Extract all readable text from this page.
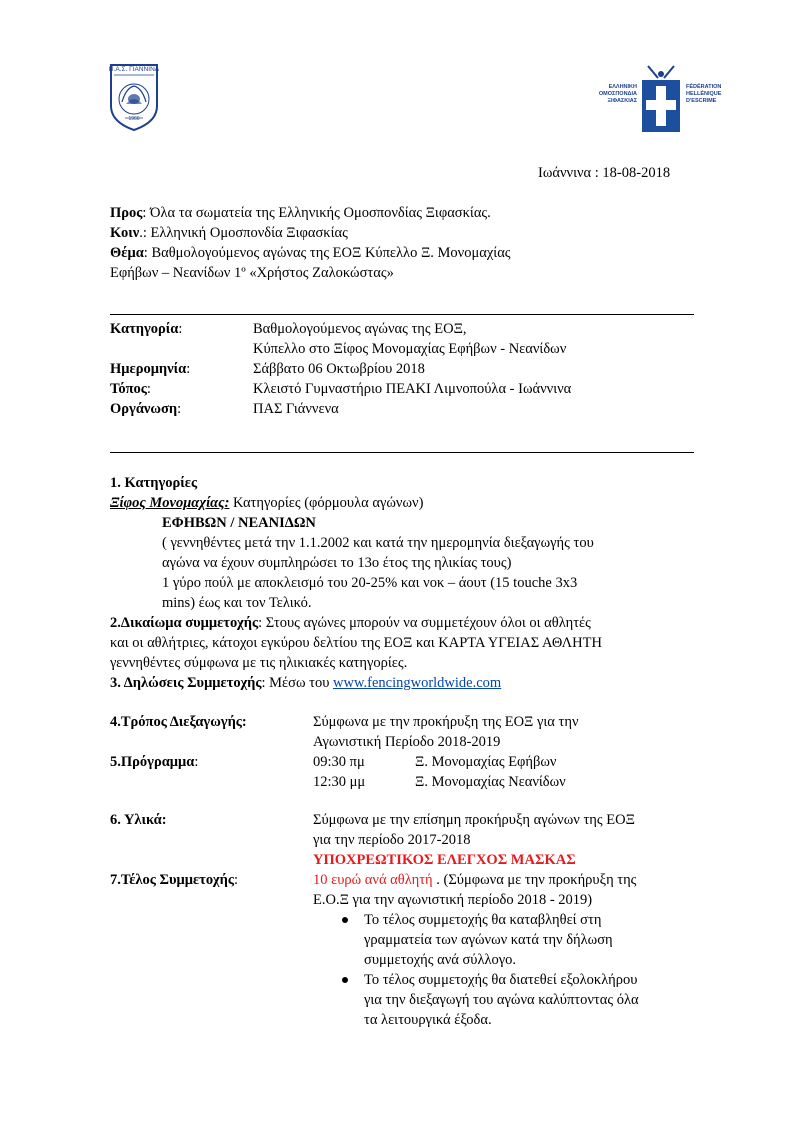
Π.Α.Σ. ΓΙΑΝΝΙΝΑ
1966
ΕΛΛΗΝΙΚΗ
ΟΜΟΣΠΟΝΔΙΑ
ΞΙΦΑΣΚΙΑΣ
FÉDÉRATION
HELLÉNIQUE
D'ESCRIME
Ιωάννινα : 18-08-2018
Προς: Όλα τα σωματεία της Ελληνικής Ομοσπονδίας Ξιφασκίας.
Κοιν.: Ελληνική Ομοσπονδία Ξιφασκίας
Θέμα: Βαθμολογούμενος αγώνας της ΕΟΞ Κύπελλο Ξ. Μονομαχίας
Εφήβων – Νεανίδων 1º «Χρήστος Ζαλοκώστας»
Κατηγορία:	Βαθμολογούμενος αγώνας της ΕΟΞ,
Κύπελλο στο Ξίφος Μονομαχίας Εφήβων - Νεανίδων
Ημερομηνία:	Σάββατο 06 Οκτωβρίου 2018
Τόπος:	Κλειστό Γυμναστήριο ΠΕΑΚΙ Λιμνοπούλα - Ιωάννινα
Οργάνωση:	ΠΑΣ Γιάννενα
1. Κατηγορίες
Ξίφος Μονομαχίας: Κατηγορίες (φόρμουλα αγώνων)
ΕΦΗΒΩΝ / ΝΕΑΝΙΔΩΝ
( γεννηθέντες μετά την 1.1.2002 και κατά την ημερομηνία διεξαγωγής του
αγώνα να έχουν συμπληρώσει το 13ο έτος της ηλικίας τους)
1 γύρο πούλ με αποκλεισμό του 20-25% και νοκ – άουτ (15 touche 3x3
mins) έως και τον Τελικό.
2.Δικαίωμα συμμετοχής: Στους αγώνες μπορούν να συμμετέχουν όλοι οι αθλητές
και οι αθλήτριες, κάτοχοι εγκύρου δελτίου της ΕΟΞ και ΚΑΡΤΑ ΥΓΕΙΑΣ ΑΘΛΗΤΗ
γεννηθέντες σύμφωνα με τις ηλικιακές κατηγορίες.
3. Δηλώσεις Συμμετοχής: Μέσω του www.fencingworldwide.com
4.Τρόπος Διεξαγωγής:	Σύμφωνα με την προκήρυξη της ΕΟΞ για την
Αγωνιστική Περίοδο 2018-2019
5.Πρόγραμμα:	09:30 πμ	Ξ. Μονομαχίας Εφήβων
12:30 μμ	Ξ. Μονομαχίας Νεανίδων
6. Υλικά:	Σύμφωνα με την επίσημη προκήρυξη αγώνων της ΕΟΞ
για την περίοδο 2017-2018
ΥΠΟΧΡΕΩΤΙΚΟΣ ΕΛΕΓΧΟΣ ΜΑΣΚΑΣ
7.Τέλος Συμμετοχής:	10 ευρώ ανά αθλητή . (Σύμφωνα με την προκήρυξη της
Ε.Ο.Ξ για την αγωνιστική περίοδο 2018 - 2019)
Το τέλος συμμετοχής θα καταβληθεί στη
γραμματεία των αγώνων κατά την δήλωση
συμμετοχής ανά σύλλογο.
Το τέλος συμμετοχής θα διατεθεί εξολοκλήρου
για την διεξαγωγή του αγώνα καλύπτοντας όλα
τα λειτουργικά έξοδα.
